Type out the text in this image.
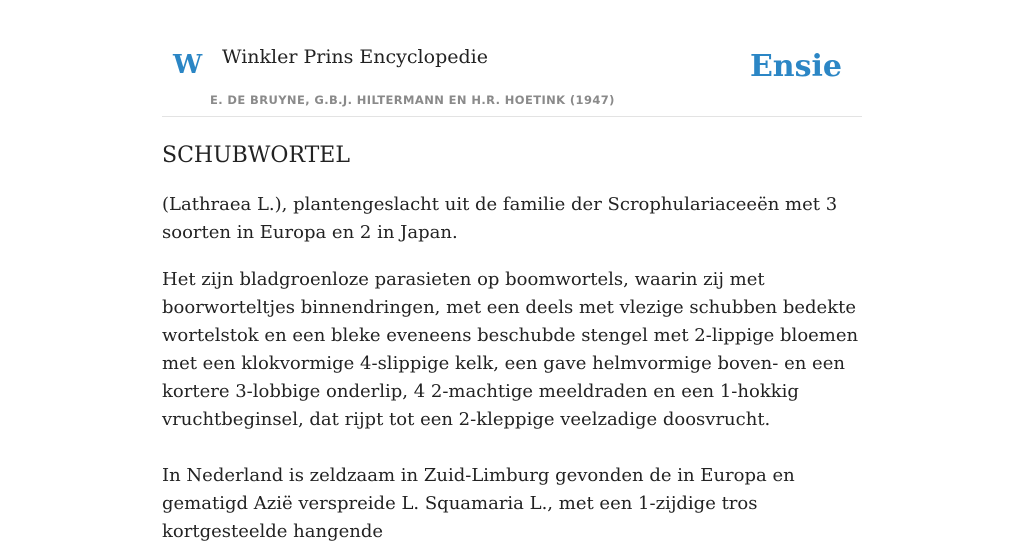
W Winkler Prins Encyclopedie
E. DE BRUYNE, G.B.J. HILTERMANN EN H.R. HOETINK (1947)
Ensie
SCHUBWORTEL

(Lathraea L.), plantengeslacht uit de familie der Scrophulariaceeën met 3 soorten in Europa en 2 in Japan.

Het zijn bladgroenloze parasieten op boomwortels, waarin zij met boorworteltjes binnendringen, met een deels met vlezige schubben bedekte wortelstok en een bleke eveneens beschubde stengel met 2-lippige bloemen met een klokvormige 4-slippige kelk, een gave helmvormige boven- en een kortere 3-lobbige onderlip, 4 2-machtige meeldraden en een 1-hokkig vruchtbeginsel, dat rijpt tot een 2-kleppige veelzadige doosvrucht.

In Nederland is zeldzaam in Zuid-Limburg gevonden de in Europa en gematigd Azië verspreide L. Squamaria L., met een 1-zijdige tros kortgesteelde hangende
